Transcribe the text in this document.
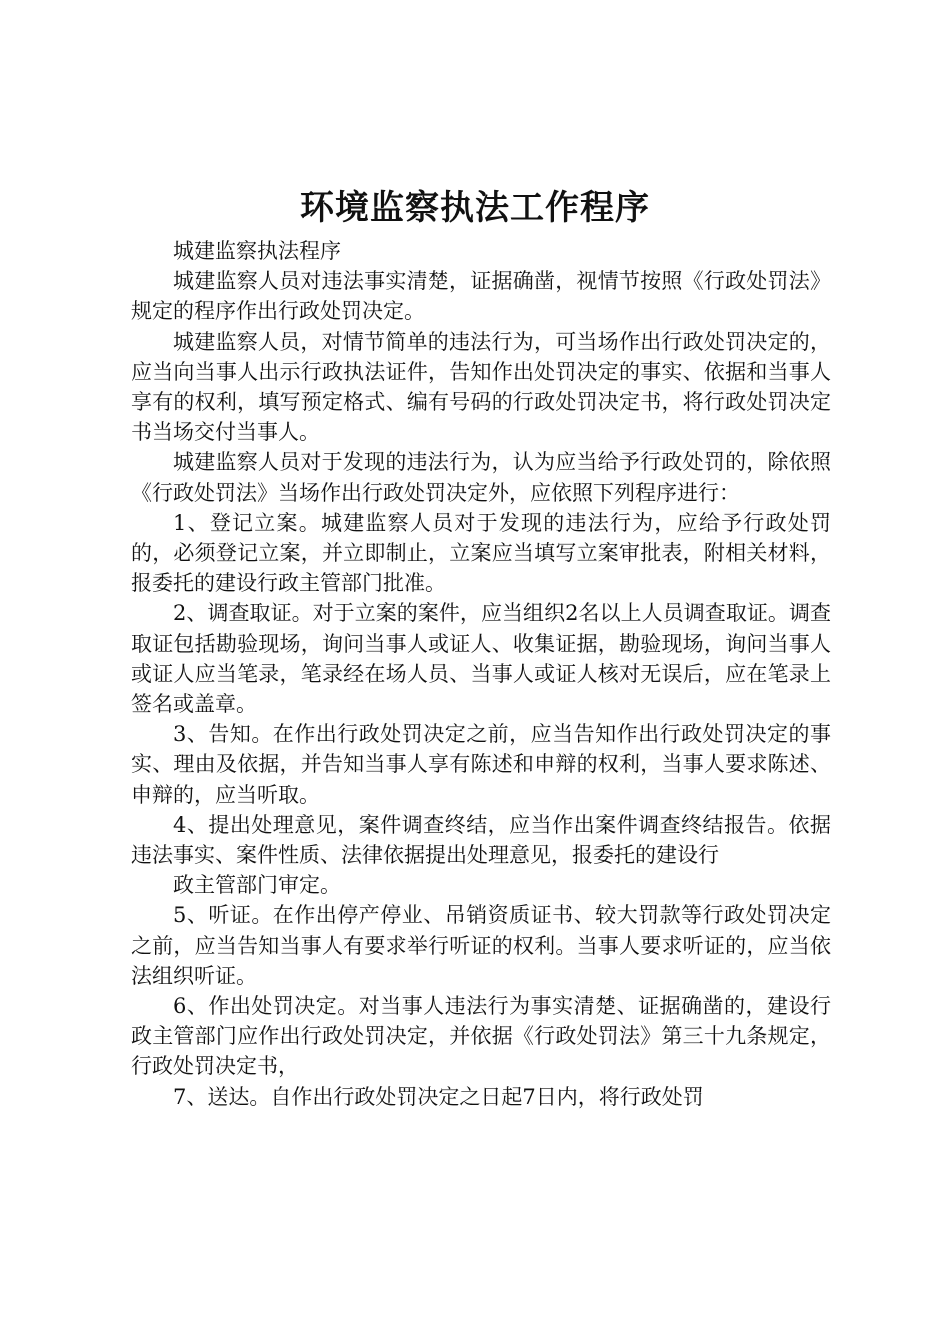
环境监察执法工作程序

城建监察执法程序

城建监察人员对违法事实清楚，证据确凿，视情节按照《行政处罚法》规定的程序作出行政处罚决定。

城建监察人员，对情节简单的违法行为，可当场作出行政处罚决定的，应当向当事人出示行政执法证件，告知作出处罚决定的事实、依据和当事人享有的权利，填写预定格式、编有号码的行政处罚决定书，将行政处罚决定书当场交付当事人。

城建监察人员对于发现的违法行为，认为应当给予行政处罚的，除依照《行政处罚法》当场作出行政处罚决定外，应依照下列程序进行：

1、登记立案。城建监察人员对于发现的违法行为，应给予行政处罚的，必须登记立案，并立即制止，立案应当填写立案审批表，附相关材料，报委托的建设行政主管部门批准。

2、调查取证。对于立案的案件，应当组织2名以上人员调查取证。调查取证包括勘验现场，询问当事人或证人、收集证据，勘验现场，询问当事人或证人应当笔录，笔录经在场人员、当事人或证人核对无误后，应在笔录上签名或盖章。

3、告知。在作出行政处罚决定之前，应当告知作出行政处罚决定的事实、理由及依据，并告知当事人享有陈述和申辩的权利，当事人要求陈述、申辩的，应当听取。

4、提出处理意见，案件调查终结，应当作出案件调查终结报告。依据违法事实、案件性质、法律依据提出处理意见，报委托的建设行

政主管部门审定。

5、听证。在作出停产停业、吊销资质证书、较大罚款等行政处罚决定之前，应当告知当事人有要求举行听证的权利。当事人要求听证的，应当依法组织听证。

6、作出处罚决定。对当事人违法行为事实清楚、证据确凿的，建设行政主管部门应作出行政处罚决定，并依据《行政处罚法》第三十九条规定，行政处罚决定书，

7、送达。自作出行政处罚决定之日起7日内，将行政处罚
